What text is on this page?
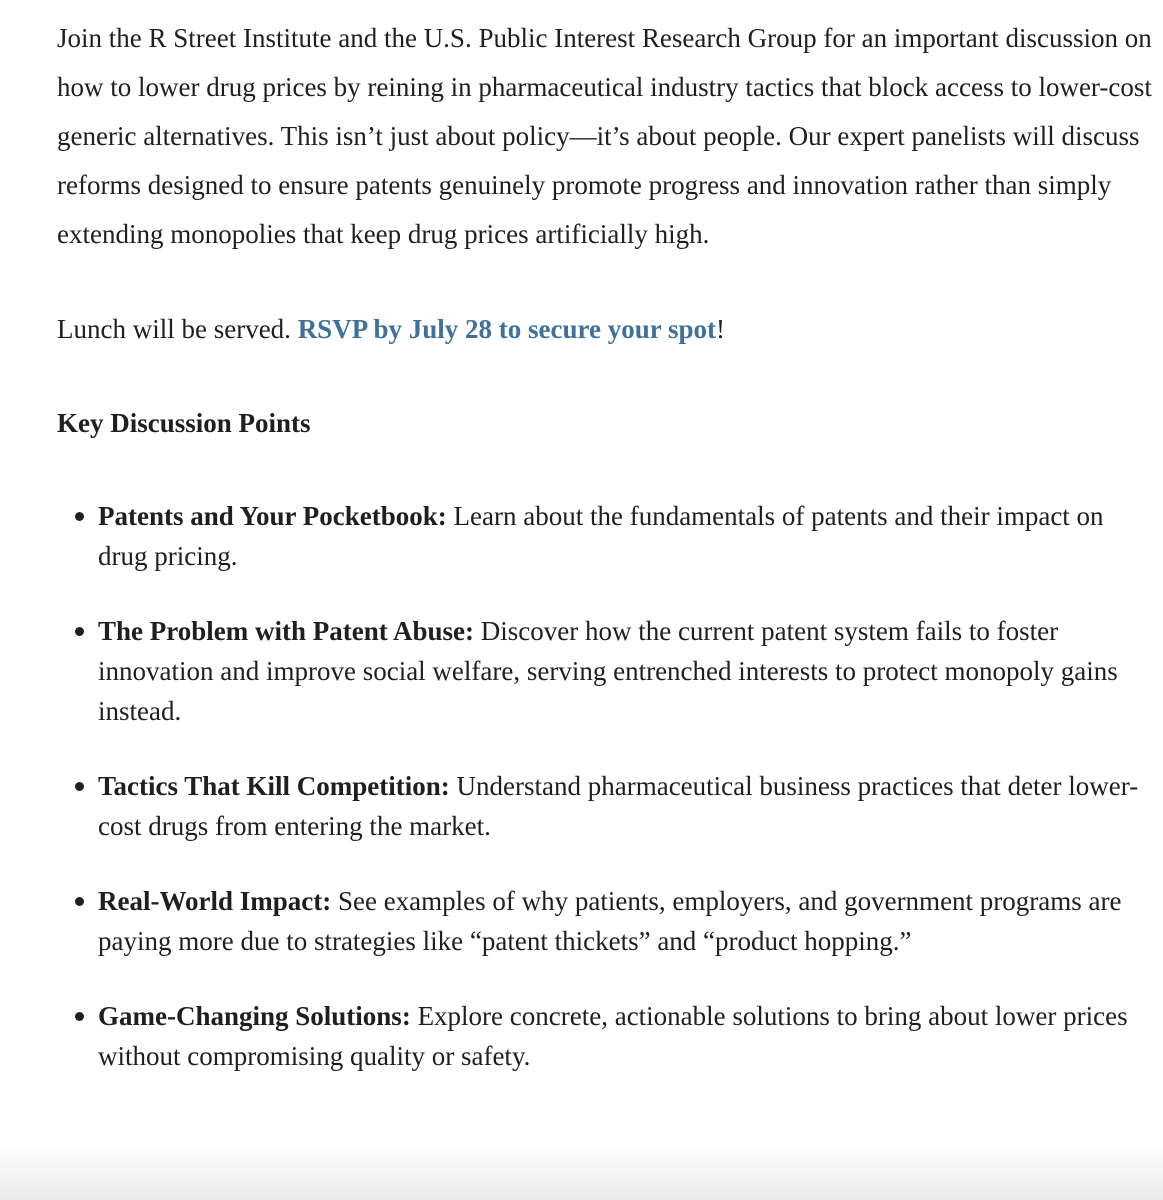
Join the R Street Institute and the U.S. Public Interest Research Group for an important discussion on how to lower drug prices by reining in pharmaceutical industry tactics that block access to lower-cost generic alternatives. This isn’t just about policy—it’s about people. Our expert panelists will discuss reforms designed to ensure patents genuinely promote progress and innovation rather than simply extending monopolies that keep drug prices artificially high.

Lunch will be served. RSVP by July 28 to secure your spot!

Key Discussion Points
Patents and Your Pocketbook: Learn about the fundamentals of patents and their impact on drug pricing.
The Problem with Patent Abuse: Discover how the current patent system fails to foster innovation and improve social welfare, serving entrenched interests to protect monopoly gains instead.
Tactics That Kill Competition: Understand pharmaceutical business practices that deter lower-cost drugs from entering the market.
Real-World Impact: See examples of why patients, employers, and government programs are paying more due to strategies like “patent thickets” and “product hopping.”
Game-Changing Solutions: Explore concrete, actionable solutions to bring about lower prices without compromising quality or safety.
